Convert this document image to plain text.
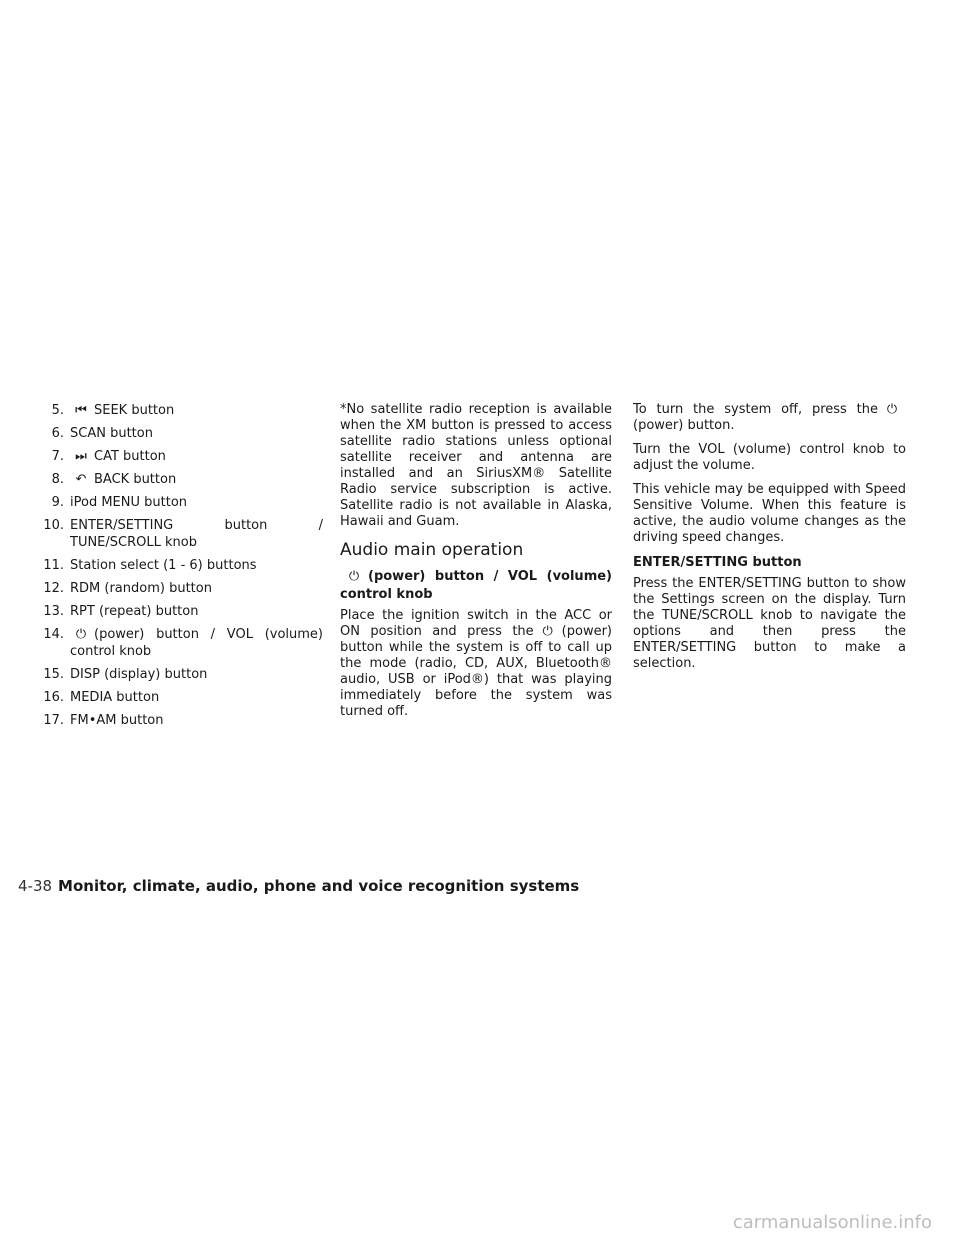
5. ⏮ SEEK button
6. SCAN button
7. ⏭ CAT button
8. ↶ BACK button
9. iPod MENU button
10. ENTER/SETTING button / TUNE/SCROLL knob
11. Station select (1 - 6) buttons
12. RDM (random) button
13. RPT (repeat) button
14. ⏻ (power) button / VOL (volume) control knob
15. DISP (display) button
16. MEDIA button
17. FM•AM button

*No satellite radio reception is available when the XM button is pressed to access satellite radio stations unless optional satellite receiver and antenna are installed and an SiriusXM® Satellite Radio service subscription is active. Satellite radio is not available in Alaska, Hawaii and Guam.

Audio main operation

⏻ (power) button / VOL (volume) control knob

Place the ignition switch in the ACC or ON position and press the ⏻ (power) button while the system is off to call up the mode (radio, CD, AUX, Bluetooth® audio, USB or iPod®) that was playing immediately before the system was turned off.

To turn the system off, press the ⏻(power) button.

Turn the VOL (volume) control knob to adjust the volume.

This vehicle may be equipped with Speed Sensitive Volume. When this feature is active, the audio volume changes as the driving speed changes.

ENTER/SETTING button

Press the ENTER/SETTING button to show the Settings screen on the display. Turn the TUNE/SCROLL knob to navigate the options and then press the ENTER/SETTING button to make a selection.

4-38 Monitor, climate, audio, phone and voice recognition systems
carmanualsonline.info
